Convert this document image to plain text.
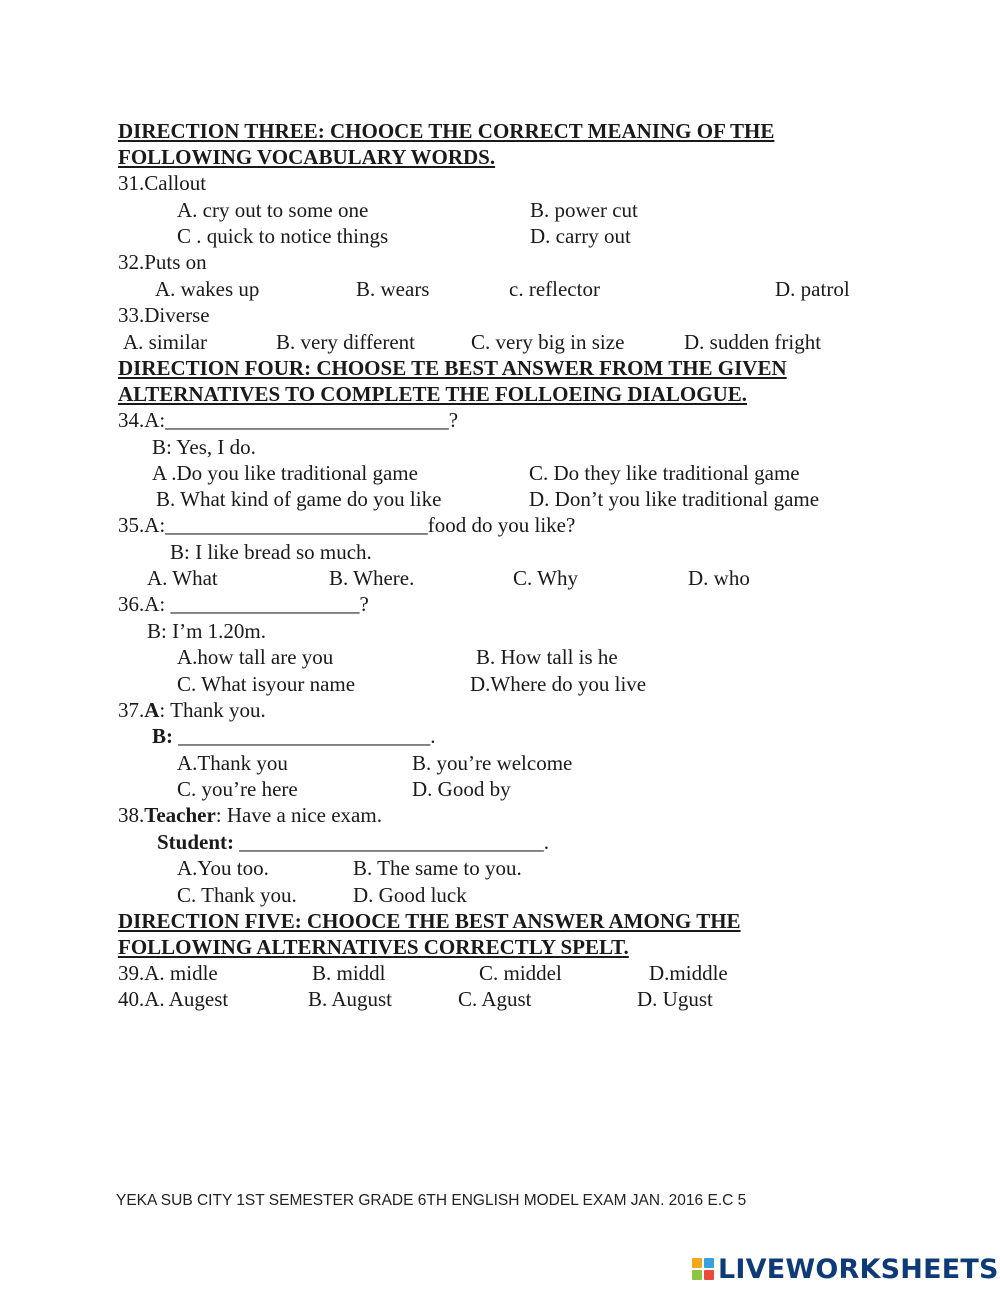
DIRECTION THREE: CHOOCE THE CORRECT MEANING OF THE
FOLLOWING VOCABULARY WORDS.
31.Callout
A. cry out to some one	B. power cut
C . quick to notice things	D. carry out
32.Puts on
A. wakes up	B. wears	c. reflector	D. patrol
33.Diverse
A. similar	B. very different	C. very big in size	D. sudden fright
DIRECTION FOUR: CHOOSE TE BEST ANSWER FROM THE GIVEN
ALTERNATIVES TO COMPLETE THE FOLLOEING DIALOGUE.
34.A:___________________________?
B: Yes, I do.
A .Do you like traditional game	C. Do they like traditional game
B. What kind of game do you like	D. Don’t you like traditional game
35.A:_________________________food do you like?
B: I like bread so much.
A. What	B. Where.	C. Why	D. who
36.A: __________________?
B: I’m 1.20m.
A.how tall are you	B. How tall is he
C. What isyour name	D.Where do you live
37.A: Thank you.
B: ________________________.
A.Thank you	B. you’re welcome
C. you’re here	D. Good by
38.Teacher: Have a nice exam.
Student: _____________________________.
A.You too.	B. The same to you.
C. Thank you.	D. Good luck
DIRECTION FIVE: CHOOCE THE BEST ANSWER AMONG THE
FOLLOWING ALTERNATIVES CORRECTLY SPELT.
39.A. midle	B. middl	C. middel	D.middle
40.A. Augest	B. August	C. Agust	D. Ugust
YEKA SUB CITY 1ST SEMESTER GRADE 6TH ENGLISH MODEL EXAM JAN. 2016 E.C 5
LIVEWORKSHEETS
